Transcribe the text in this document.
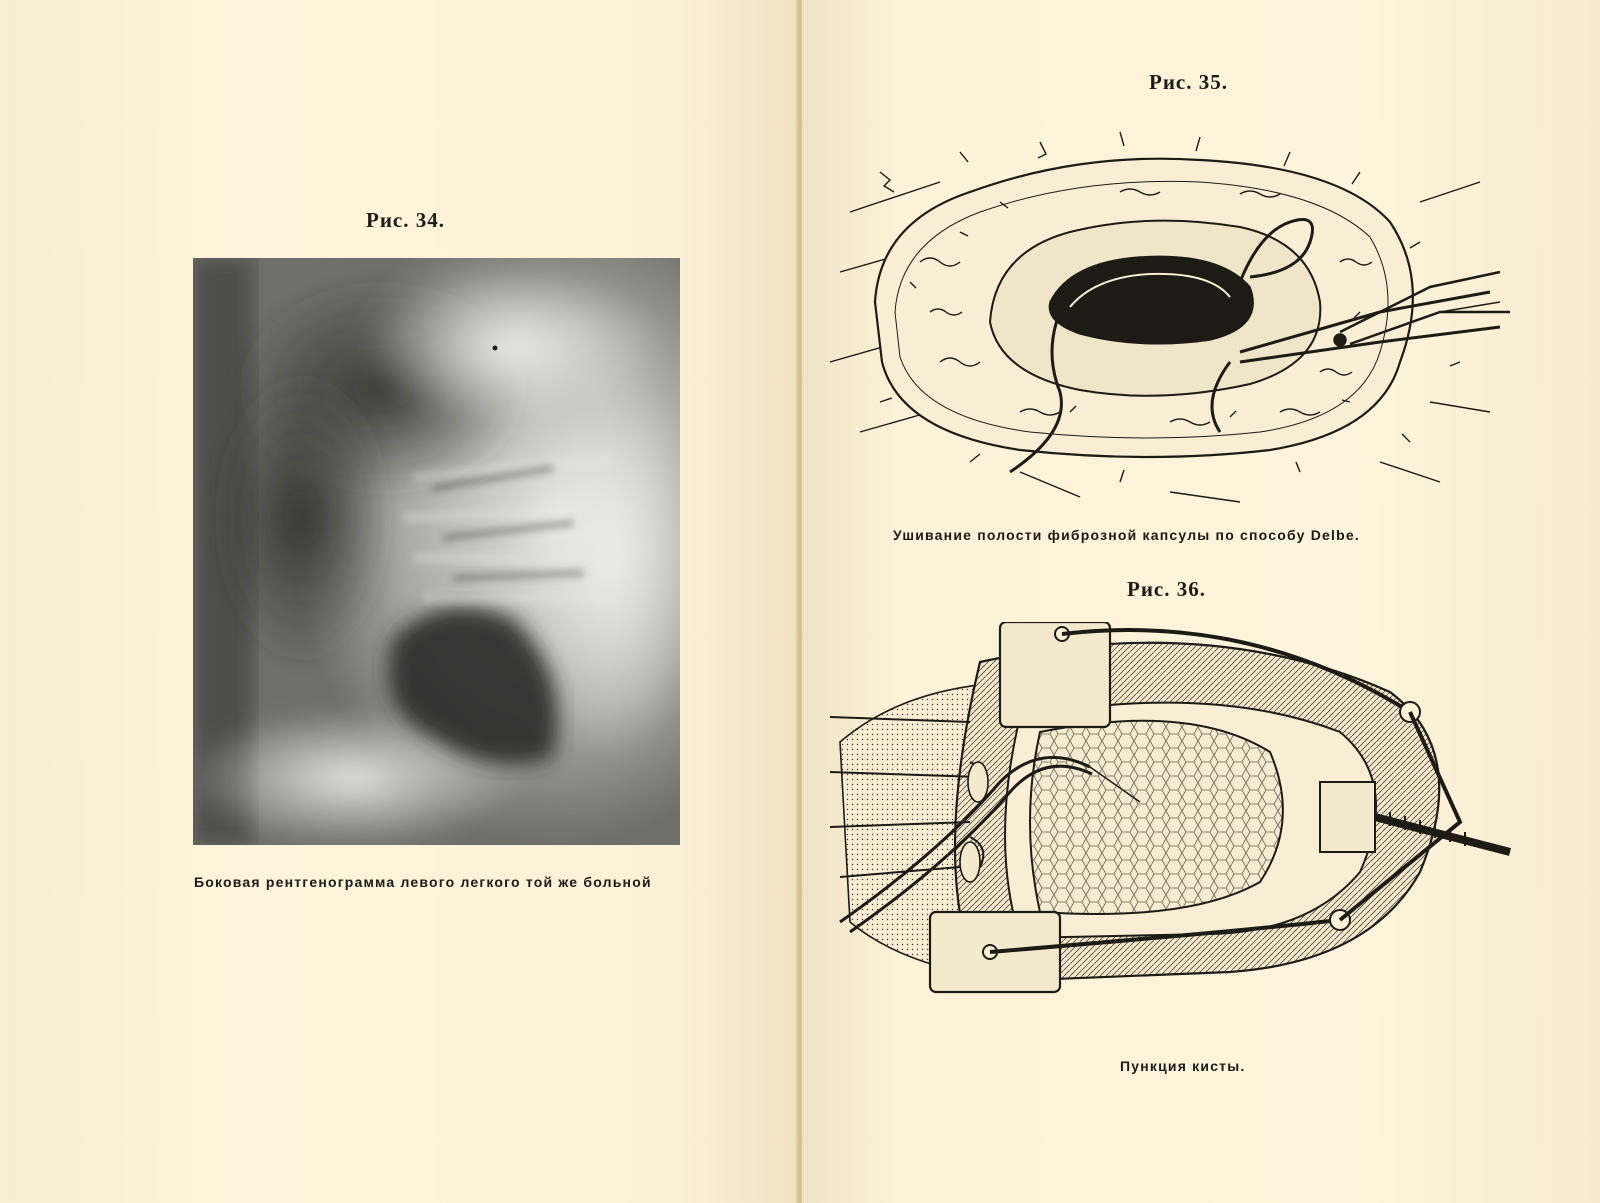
Рис. 34.

Боковая рентгенограмма левого легкого той же больной

Рис. 35.

Ушивание полости фиброзной капсулы по способу Delbe.

Рис. 36.

Пункция кисты.
